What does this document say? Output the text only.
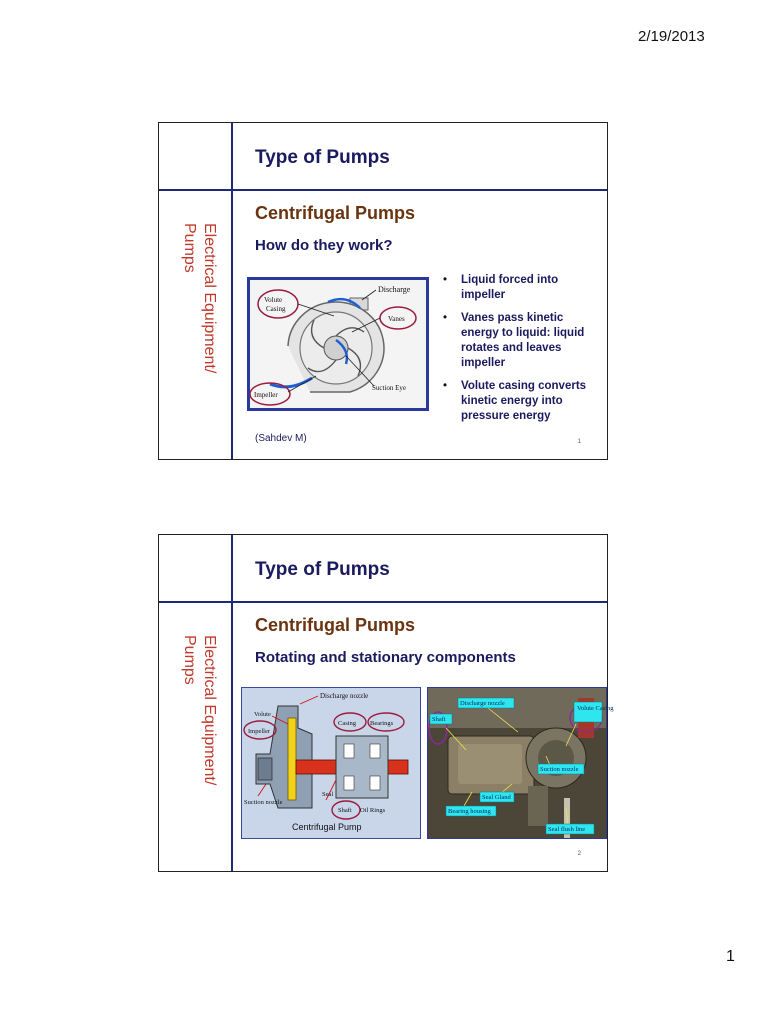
2/19/2013
Electrical Equipment/
Pumps
Type of Pumps
Centrifugal Pumps
How do they work?
Discharge
Volute
Casing
Vanes
Impeller
Suction Eye
• Liquid forced into impeller
• Vanes pass kinetic energy to liquid: liquid rotates and leaves impeller
• Volute casing converts kinetic energy into pressure energy
(Sahdev M)	1
Electrical Equipment/
Pumps
Type of Pumps
Centrifugal Pumps
Rotating and stationary components
Discharge nozzle
Volute
Impeller
Casing Bearings
Suction nozzle
Seal
Shaft Oil Rings
Centrifugal Pump
Discharge nozzle
Shaft
Volute Casing
Suction nozzle
Seal Gland
Bearing housing
Seal flush line
2
1
